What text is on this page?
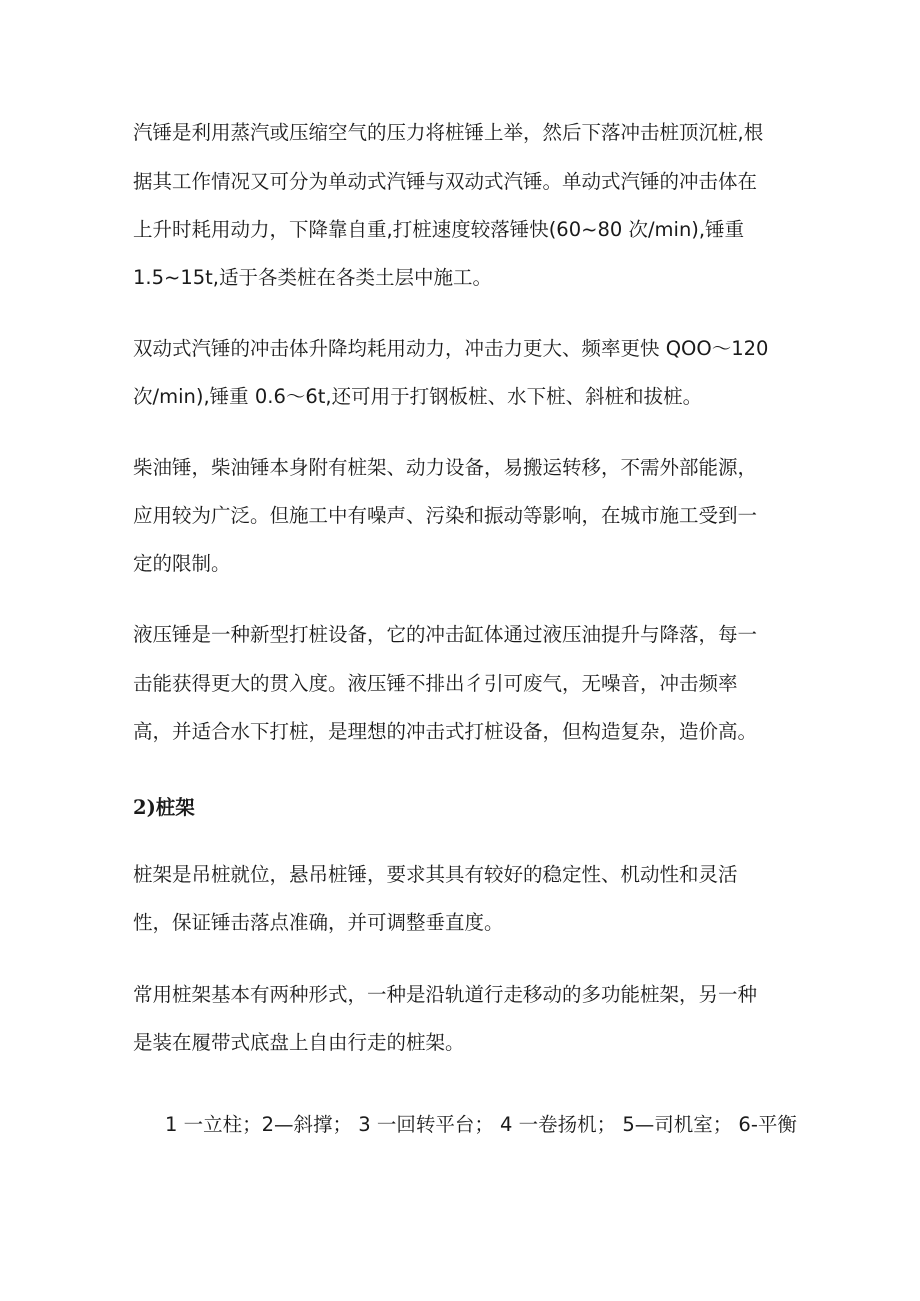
汽锤是利用蒸汽或压缩空气的压力将桩锤上举，然后下落冲击桩顶沉桩,根
据其工作情况又可分为单动式汽锤与双动式汽锤。单动式汽锤的冲击体在
上升时耗用动力，下降靠自重,打桩速度较落锤快(60~80 次/min),锤重
1.5~15t,适于各类桩在各类土层中施工。
双动式汽锤的冲击体升降均耗用动力，冲击力更大、频率更快 QOO～120
次/min),锤重 0.6～6t,还可用于打钢板桩、水下桩、斜桩和拔桩。
柴油锤，柴油锤本身附有桩架、动力设备，易搬运转移，不需外部能源，
应用较为广泛。但施工中有噪声、污染和振动等影响，在城市施工受到一
定的限制。
液压锤是一种新型打桩设备，它的冲击缸体通过液压油提升与降落，每一
击能获得更大的贯入度。液压锤不排出彳引可废气，无噪音，冲击频率
高，并适合水下打桩，是理想的冲击式打桩设备，但构造复杂，造价高。
2)桩架
桩架是吊桩就位，悬吊桩锤，要求其具有较好的稳定性、机动性和灵活
性，保证锤击落点准确，并可调整垂直度。
常用桩架基本有两种形式，一种是沿轨道行走移动的多功能桩架，另一种
是装在履带式底盘上自由行走的桩架。
1 一立柱；2—斜撑； 3 一回转平台； 4 一卷扬机； 5—司机室； 6-平衡
